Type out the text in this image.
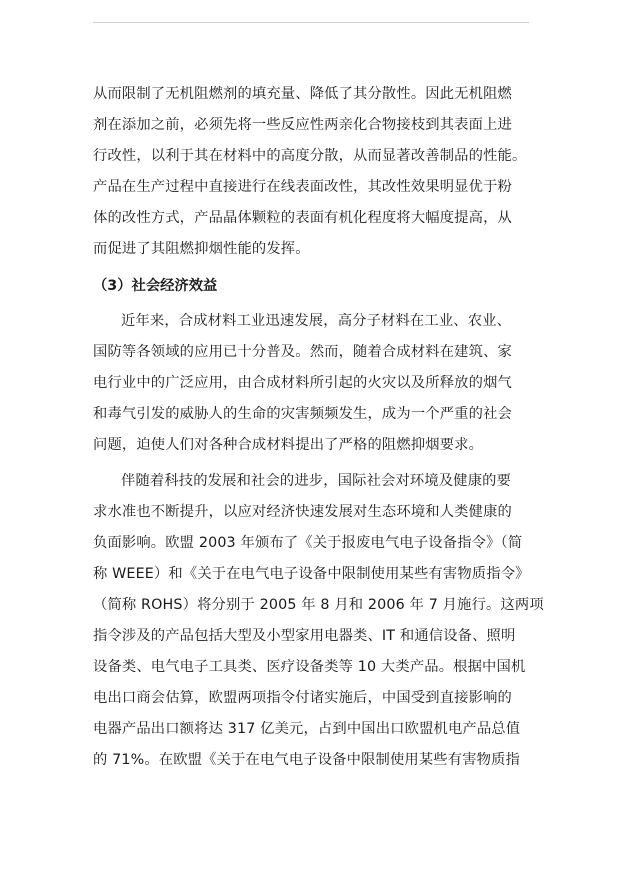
从而限制了无机阻燃剂的填充量、降低了其分散性。因此无机阻燃
剂在添加之前，必须先将一些反应性两亲化合物接枝到其表面上进
行改性，以利于其在材料中的高度分散，从而显著改善制品的性能。
产品在生产过程中直接进行在线表面改性，其改性效果明显优于粉
体的改性方式，产品晶体颗粒的表面有机化程度将大幅度提高，从
而促进了其阻燃抑烟性能的发挥。
（3）社会经济效益
近年来，合成材料工业迅速发展，高分子材料在工业、农业、
国防等各领域的应用已十分普及。然而，随着合成材料在建筑、家
电行业中的广泛应用，由合成材料所引起的火灾以及所释放的烟气
和毒气引发的威胁人的生命的灾害频频发生，成为一个严重的社会
问题，迫使人们对各种合成材料提出了严格的阻燃抑烟要求。
伴随着科技的发展和社会的进步，国际社会对环境及健康的要
求水准也不断提升，以应对经济快速发展对生态环境和人类健康的
负面影响。欧盟 2003 年颁布了《关于报废电气电子设备指令》（简
称 WEEE）和《关于在电气电子设备中限制使用某些有害物质指令》
（简称 ROHS）将分别于 2005 年 8 月和 2006 年 7 月施行。这两项
指令涉及的产品包括大型及小型家用电器类、IT 和通信设备、照明
设备类、电气电子工具类、医疗设备类等 10 大类产品。根据中国机
电出口商会估算，欧盟两项指令付诸实施后，中国受到直接影响的
电器产品出口额将达 317 亿美元，占到中国出口欧盟机电产品总值
的 71%。在欧盟《关于在电气电子设备中限制使用某些有害物质指
